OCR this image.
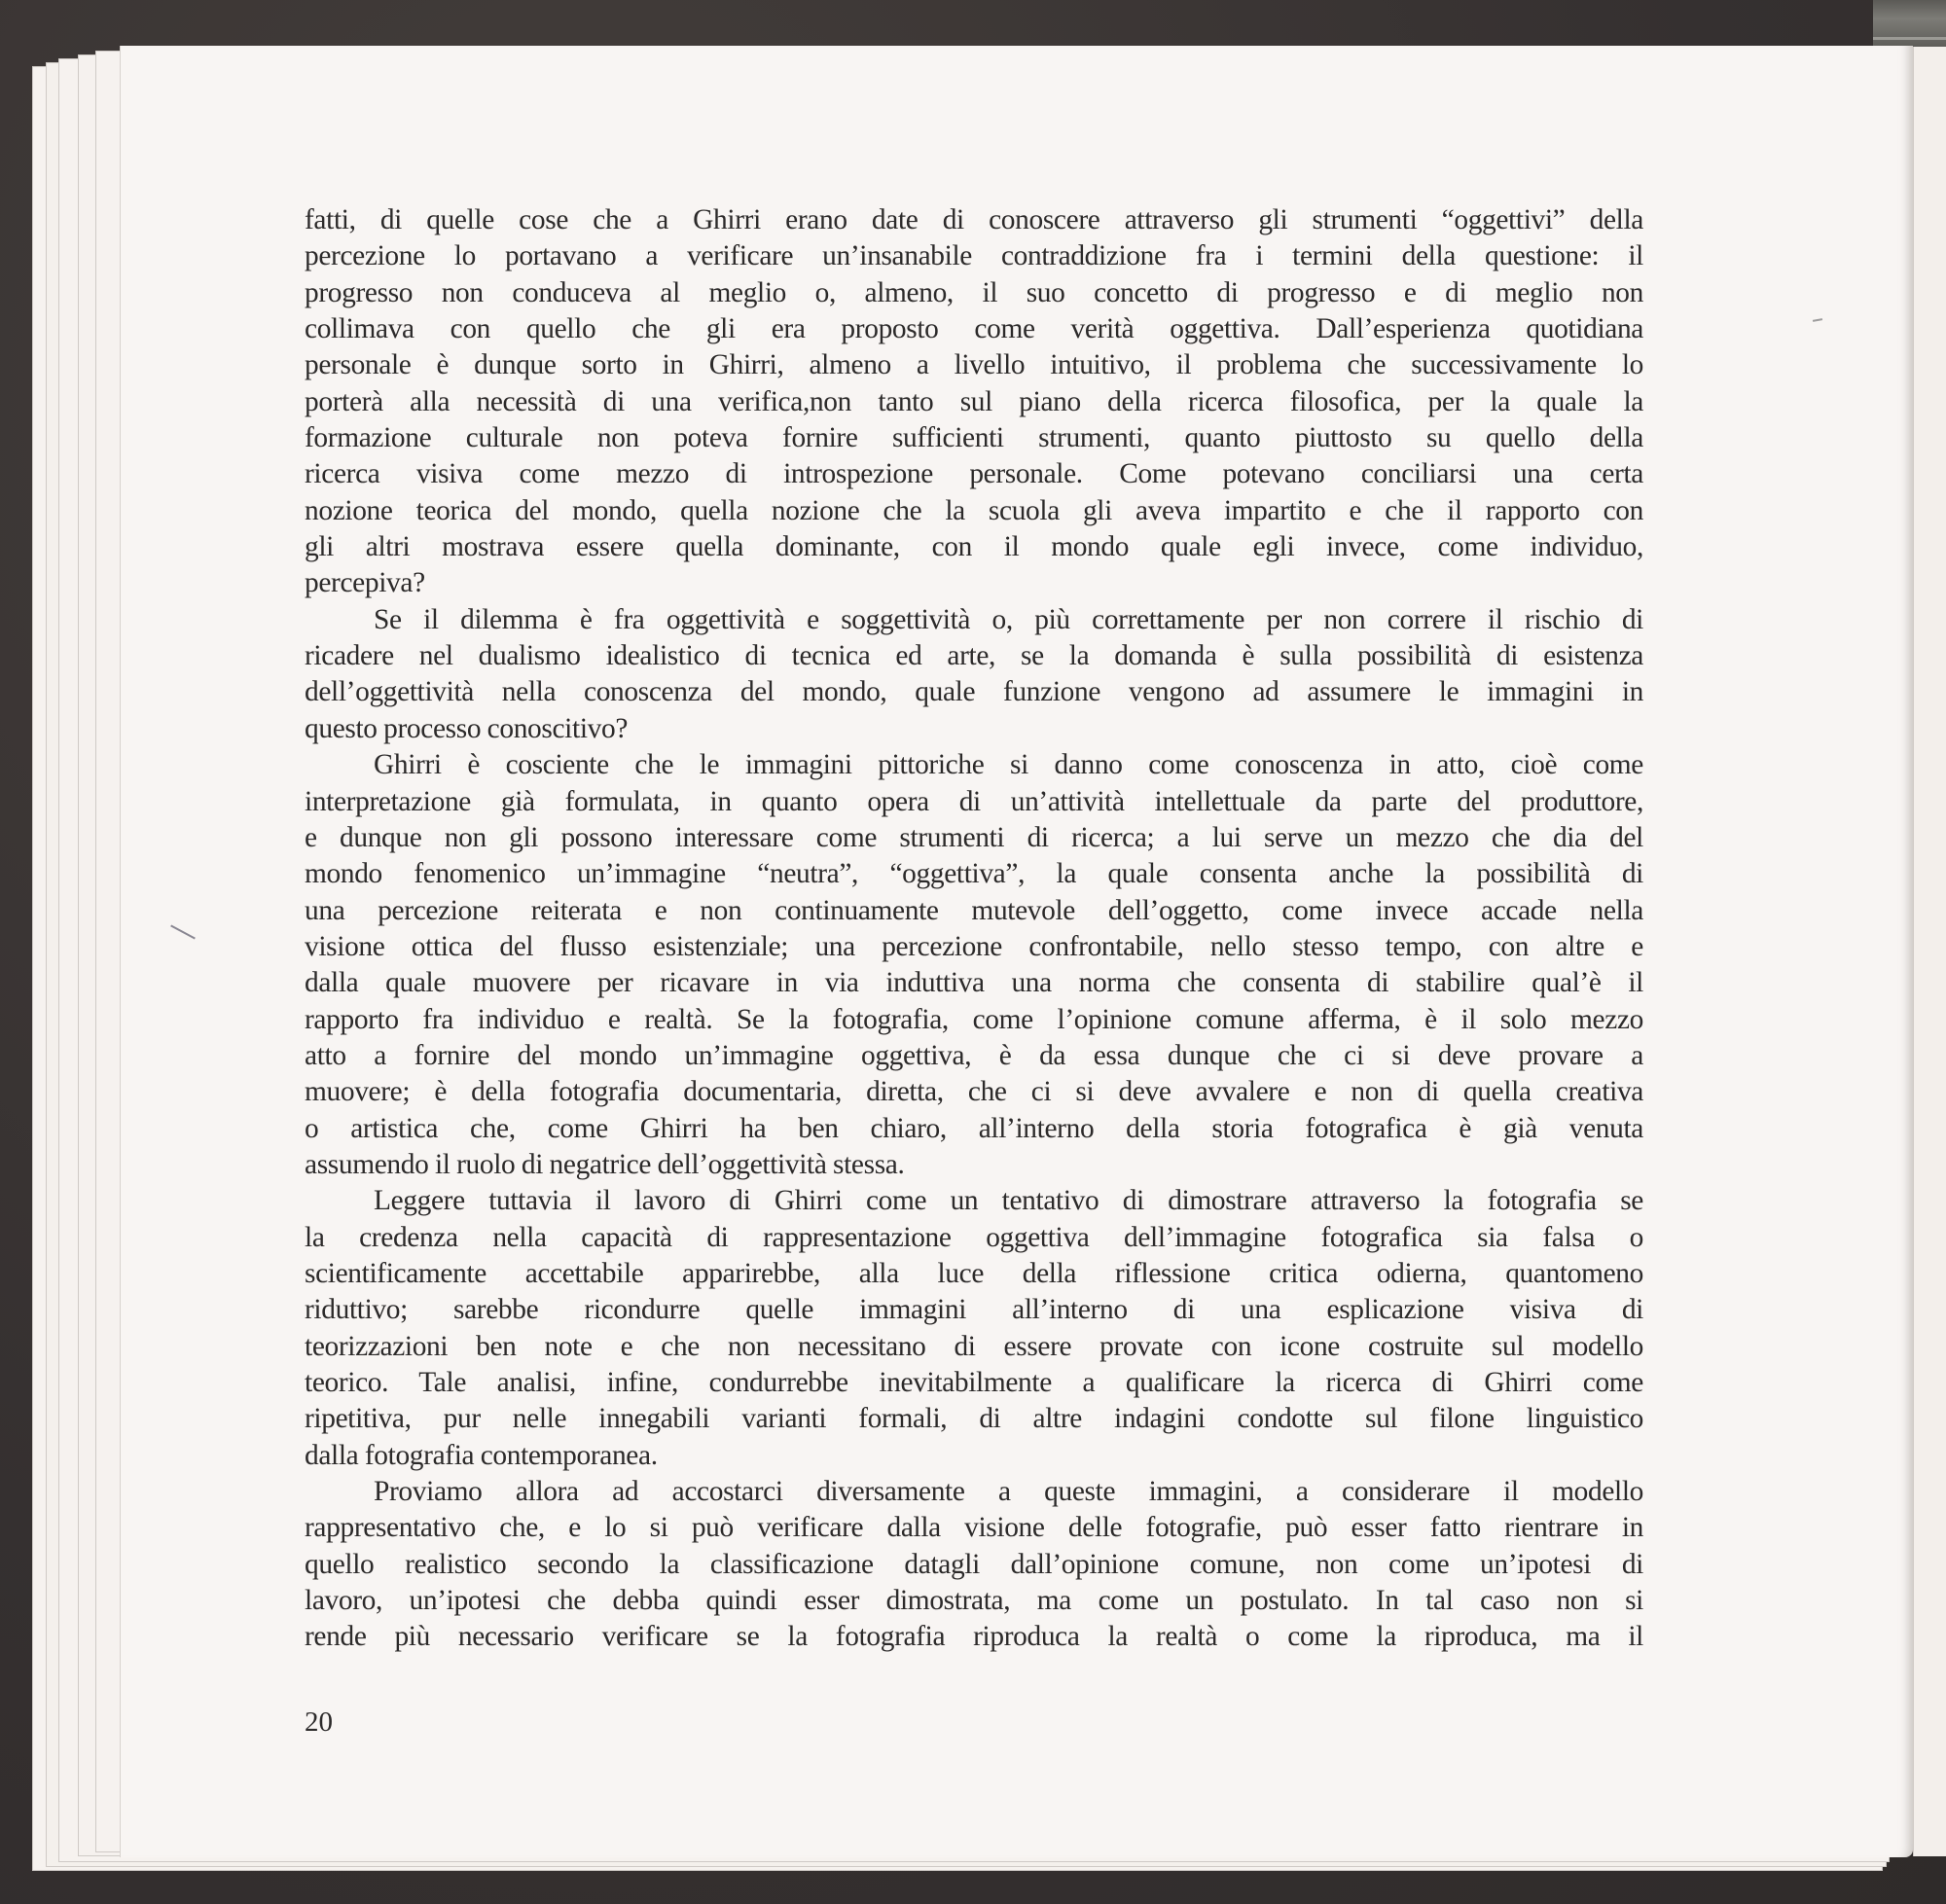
fatti, di quelle cose che a Ghirri erano date di conoscere attraverso gli strumenti “oggettivi” della
percezione lo portavano a verificare un’insanabile contraddizione fra i termini della questione: il
progresso non conduceva al meglio o, almeno, il suo concetto di progresso e di meglio non
collimava con quello che gli era proposto come verità oggettiva. Dall’esperienza quotidiana
personale è dunque sorto in Ghirri, almeno a livello intuitivo, il problema che successivamente lo
porterà alla necessità di una verifica,non tanto sul piano della ricerca filosofica, per la quale la
formazione culturale non poteva fornire sufficienti strumenti, quanto piuttosto su quello della
ricerca visiva come mezzo di introspezione personale. Come potevano conciliarsi una certa
nozione teorica del mondo, quella nozione che la scuola gli aveva impartito e che il rapporto con
gli altri mostrava essere quella dominante, con il mondo quale egli invece, come individuo,
percepiva?
Se il dilemma è fra oggettività e soggettività o, più correttamente per non correre il rischio di
ricadere nel dualismo idealistico di tecnica ed arte, se la domanda è sulla possibilità di esistenza
dell’oggettività nella conoscenza del mondo, quale funzione vengono ad assumere le immagini in
questo processo conoscitivo?
Ghirri è cosciente che le immagini pittoriche si danno come conoscenza in atto, cioè come
interpretazione già formulata, in quanto opera di un’attività intellettuale da parte del produttore,
e dunque non gli possono interessare come strumenti di ricerca; a lui serve un mezzo che dia del
mondo fenomenico un’immagine “neutra”, “oggettiva”, la quale consenta anche la possibilità di
una percezione reiterata e non continuamente mutevole dell’oggetto, come invece accade nella
visione ottica del flusso esistenziale; una percezione confrontabile, nello stesso tempo, con altre e
dalla quale muovere per ricavare in via induttiva una norma che consenta di stabilire qual’è il
rapporto fra individuo e realtà. Se la fotografia, come l’opinione comune afferma, è il solo mezzo
atto a fornire del mondo un’immagine oggettiva, è da essa dunque che ci si deve provare a
muovere; è della fotografia documentaria, diretta, che ci si deve avvalere e non di quella creativa
o artistica che, come Ghirri ha ben chiaro, all’interno della storia fotografica è già venuta
assumendo il ruolo di negatrice dell’oggettività stessa.
Leggere tuttavia il lavoro di Ghirri come un tentativo di dimostrare attraverso la fotografia se
la credenza nella capacità di rappresentazione oggettiva dell’immagine fotografica sia falsa o
scientificamente accettabile apparirebbe, alla luce della riflessione critica odierna, quantomeno
riduttivo; sarebbe ricondurre quelle immagini all’interno di una esplicazione visiva di
teorizzazioni ben note e che non necessitano di essere provate con icone costruite sul modello
teorico. Tale analisi, infine, condurrebbe inevitabilmente a qualificare la ricerca di Ghirri come
ripetitiva, pur nelle innegabili varianti formali, di altre indagini condotte sul filone linguistico
dalla fotografia contemporanea.
Proviamo allora ad accostarci diversamente a queste immagini, a considerare il modello
rappresentativo che, e lo si può verificare dalla visione delle fotografie, può esser fatto rientrare in
quello realistico secondo la classificazione datagli dall’opinione comune, non come un’ipotesi di
lavoro, un’ipotesi che debba quindi esser dimostrata, ma come un postulato. In tal caso non si
rende più necessario verificare se la fotografia riproduca la realtà o come la riproduca, ma il
20
